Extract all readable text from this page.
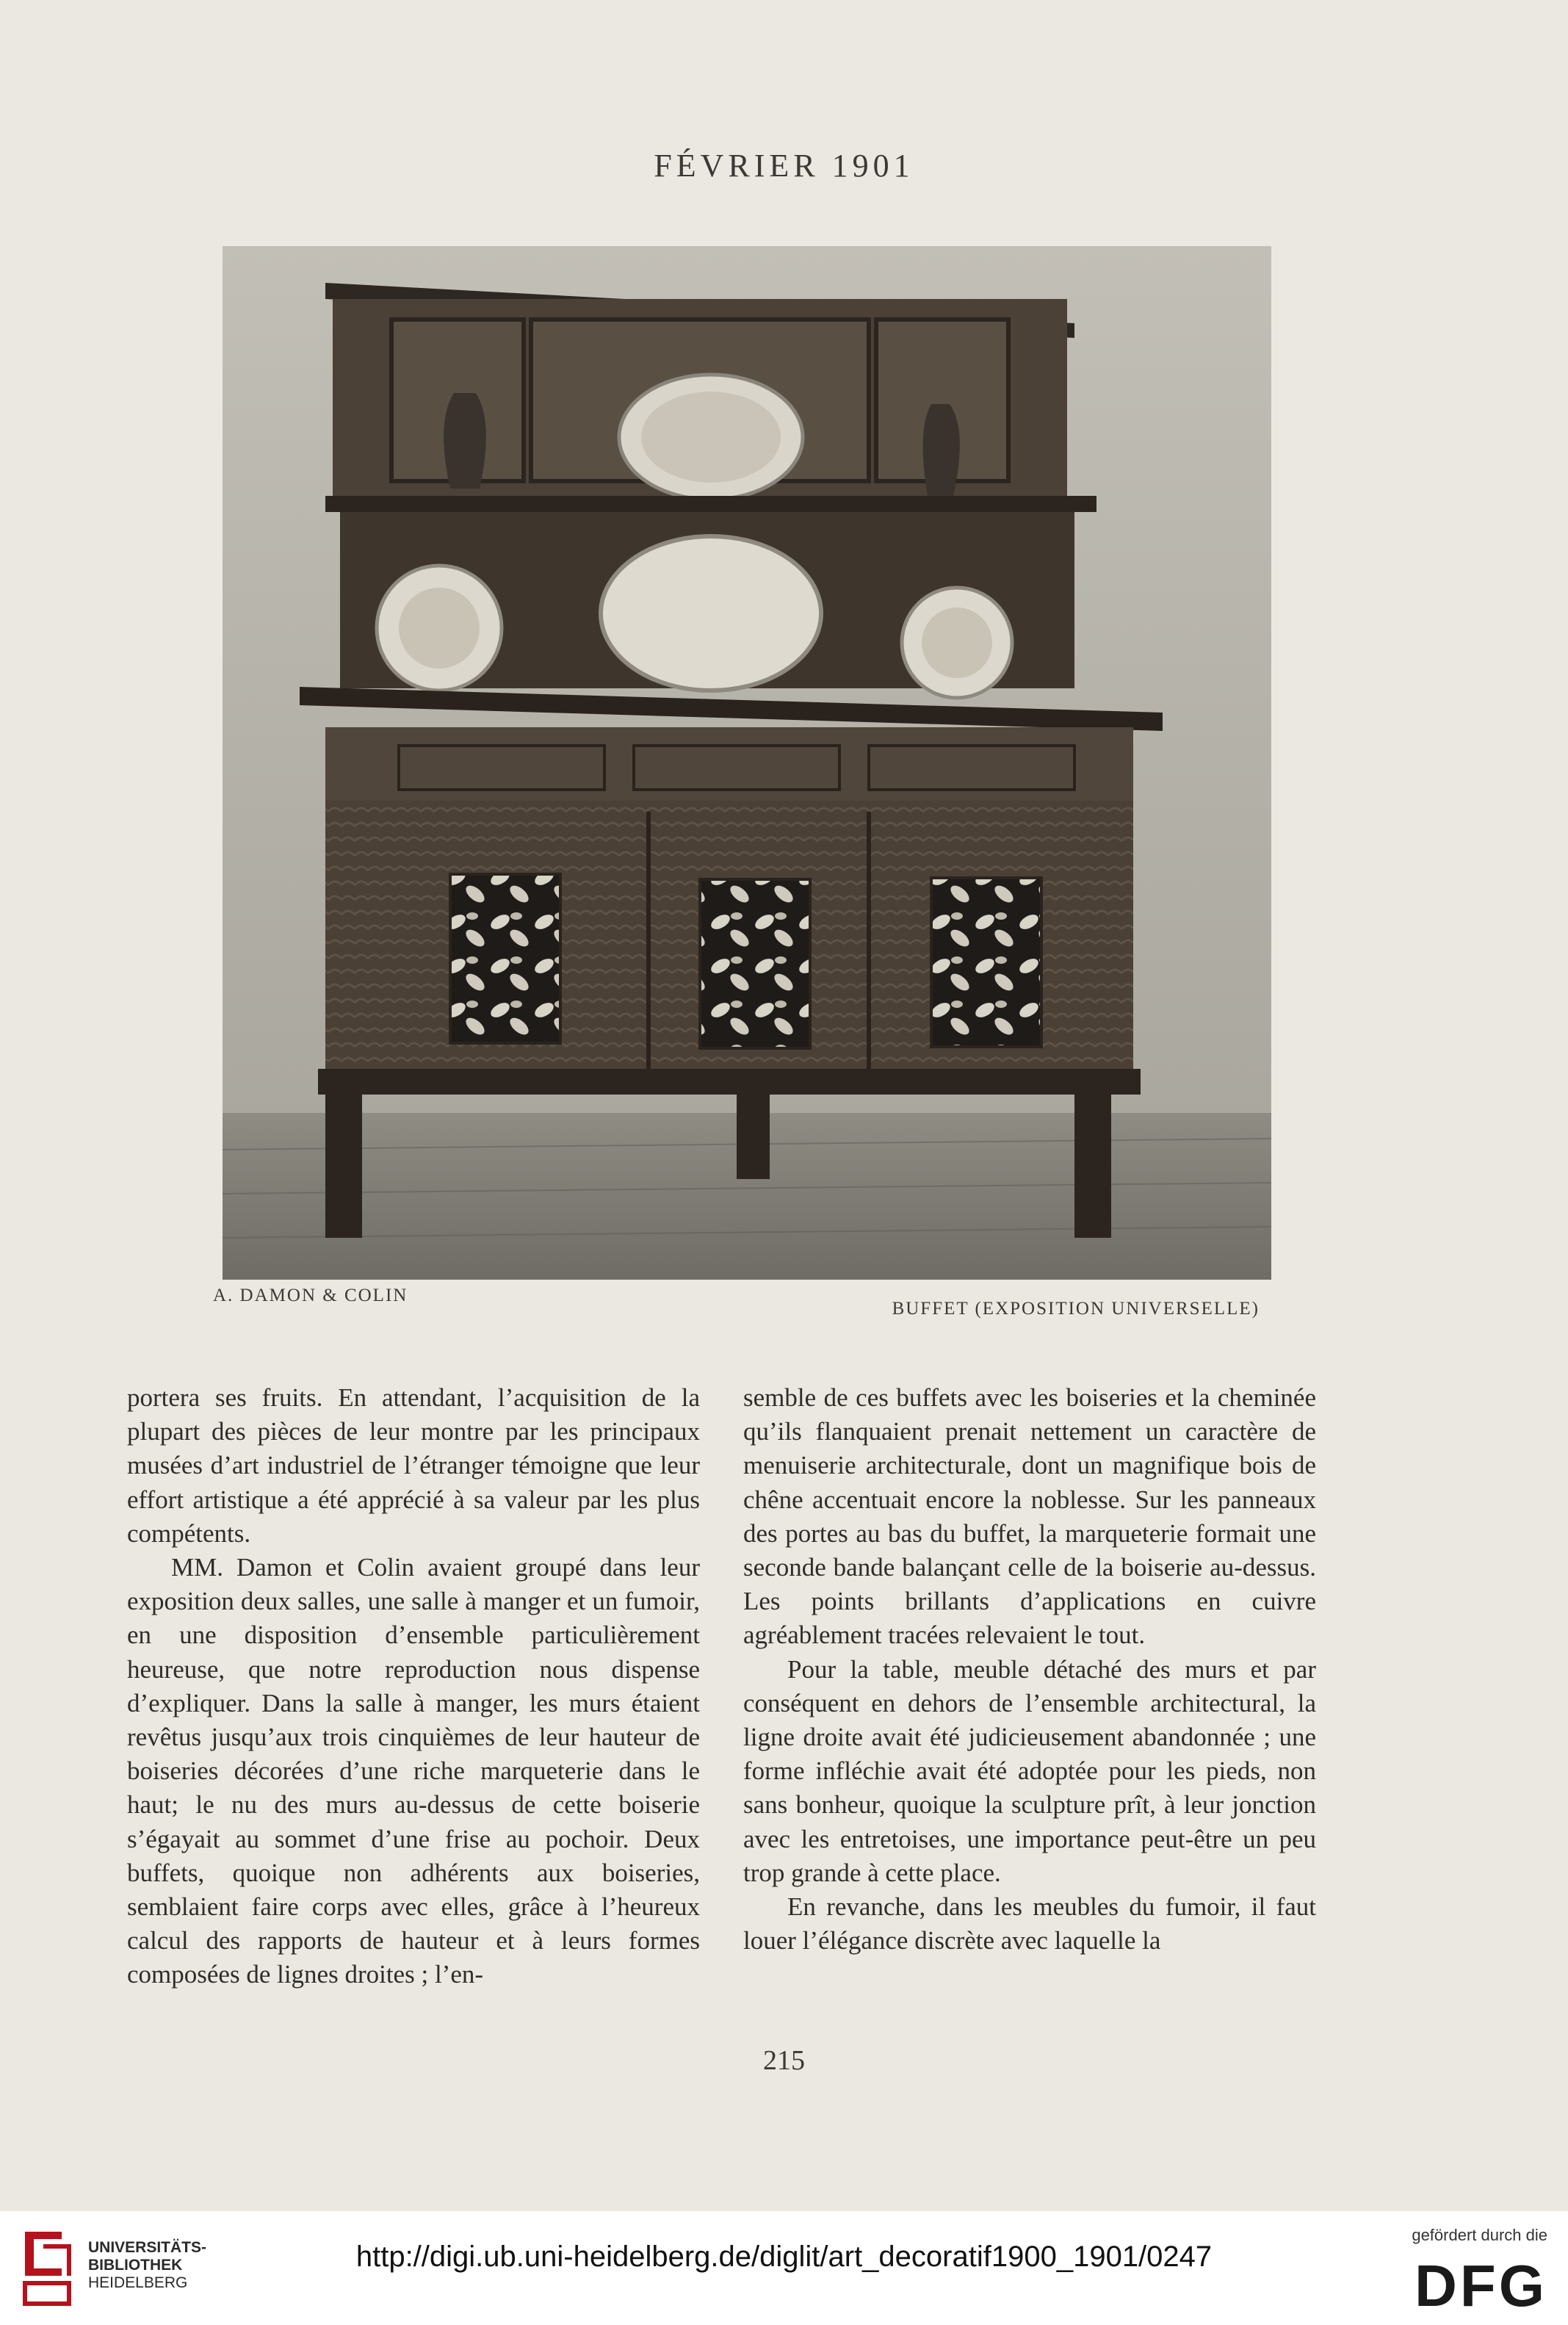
FÉVRIER 1901
A. DAMON & COLIN
BUFFET (EXPOSITION UNIVERSELLE)

portera ses fruits. En attendant, l’acquisition de la plupart des pièces de leur montre par les principaux musées d’art industriel de l’étranger témoigne que leur effort artistique a été apprécié à sa valeur par les plus compétents.

MM. Damon et Colin avaient groupé dans leur exposition deux salles, une salle à manger et un fumoir, en une disposition d’ensemble particulièrement heureuse, que notre reproduction nous dispense d’expliquer. Dans la salle à manger, les murs étaient revêtus jusqu’aux trois cinquièmes de leur hauteur de boiseries décorées d’une riche marqueterie dans le haut; le nu des murs au-dessus de cette boiserie s’égayait au sommet d’une frise au pochoir. Deux buffets, quoique non adhérents aux boiseries, semblaient faire corps avec elles, grâce à l’heureux calcul des rapports de hauteur et à leurs formes composées de lignes droites ; l’en-

semble de ces buffets avec les boiseries et la cheminée qu’ils flanquaient prenait nettement un caractère de menuiserie architecturale, dont un magnifique bois de chêne accentuait encore la noblesse. Sur les panneaux des portes au bas du buffet, la marqueterie formait une seconde bande balançant celle de la boiserie au-dessus. Les points brillants d’applications en cuivre agréablement tracées relevaient le tout.

Pour la table, meuble détaché des murs et par conséquent en dehors de l’ensemble architectural, la ligne droite avait été judicieusement abandonnée ; une forme infléchie avait été adoptée pour les pieds, non sans bonheur, quoique la sculpture prît, à leur jonction avec les entretoises, une importance peut-être un peu trop grande à cette place.

En revanche, dans les meubles du fumoir, il faut louer l’élégance discrète avec laquelle la

215
UNIVERSITÄTS-
BIBLIOTHEK
HEIDELBERG
http://digi.ub.uni-heidelberg.de/diglit/art_decoratif1900_1901/0247
gefördert durch die
DFG
